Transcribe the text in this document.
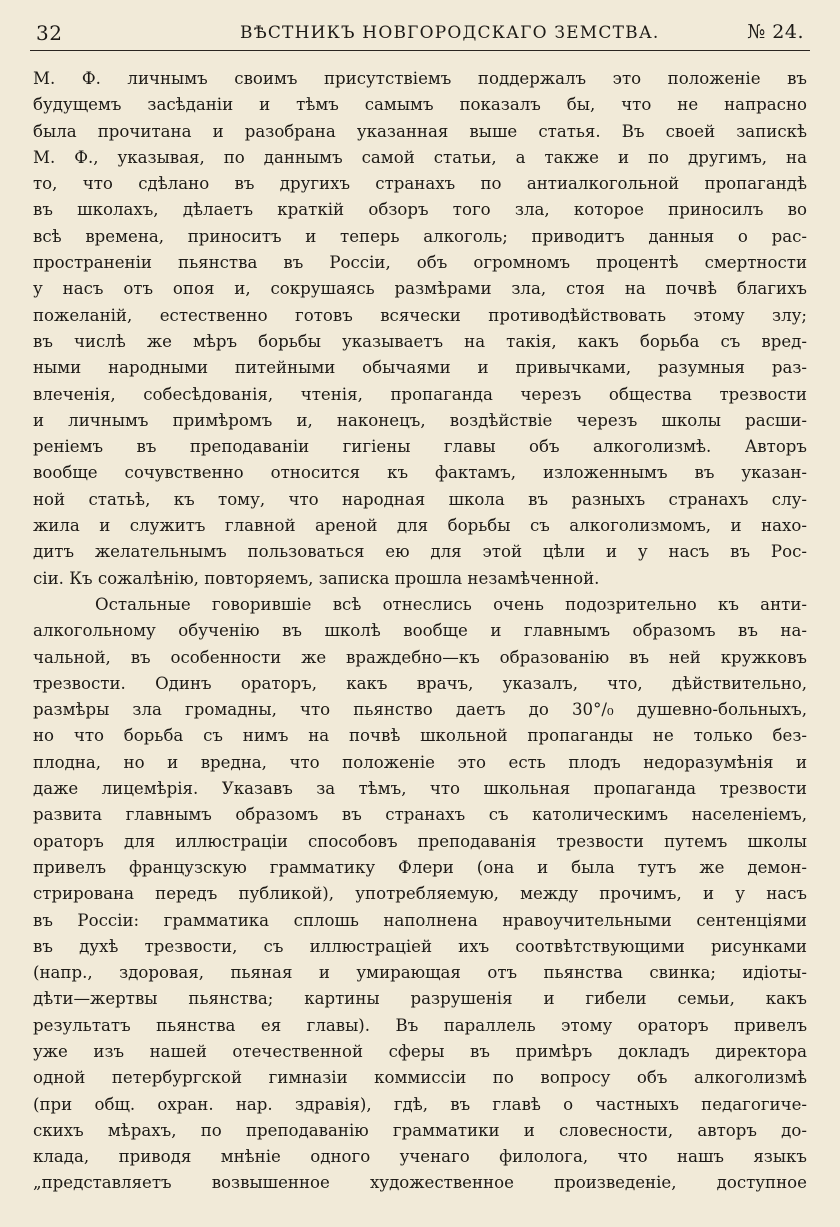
32	ВѢСТНИКЪ НОВГОРОДСКАГО ЗЕМСТВА.	№ 24.
М. Ф. личнымъ своимъ присутствіемъ поддержалъ это положеніе въ
будущемъ засѣданіи и тѣмъ самымъ показалъ бы, что не напрасно
была прочитана и разобрана указанная выше статья. Въ своей запискѣ
М. Ф., указывая, по даннымъ самой статьи, а также и по другимъ, на
то, что сдѣлано въ другихъ странахъ по антиалкогольной пропагандѣ
въ школахъ, дѣлаетъ краткій обзоръ того зла, которое приносилъ во
всѣ времена, приноситъ и теперь алкоголь; приводитъ данныя о рас-
пространеніи пьянства въ Россіи, объ огромномъ процентѣ смертности
у насъ отъ опоя и, сокрушаясь размѣрами зла, стоя на почвѣ благихъ
пожеланій, естественно готовъ всячески противодѣйствовать этому злу;
въ числѣ же мѣръ борьбы указываетъ на такія, какъ борьба съ вред-
ными народными питейными обычаями и привычками, разумныя раз-
влеченія, собесѣдованія, чтенія, пропаганда черезъ общества трезвости
и личнымъ примѣромъ и, наконецъ, воздѣйствіе черезъ школы расши-
реніемъ въ преподаваніи гигіены главы объ алкоголизмѣ. Авторъ
вообще сочувственно относится къ фактамъ, изложеннымъ въ указан-
ной статьѣ, къ тому, что народная школа въ разныхъ странахъ слу-
жила и служитъ главной ареной для борьбы съ алкоголизмомъ, и нахо-
дитъ желательнымъ пользоваться ею для этой цѣли и у насъ въ Рос-
сіи. Къ сожалѣнію, повторяемъ, записка прошла незамѣченной.
Остальные говорившіе всѣ отнеслись очень подозрительно къ анти-
алкогольному обученію въ школѣ вообще и главнымъ образомъ въ на-
чальной, въ особенности же враждебно—къ образованію въ ней кружковъ
трезвости. Одинъ ораторъ, какъ врачъ, указалъ, что, дѣйствительно,
размѣры зла громадны, что пьянство даетъ до 30°/₀ душевно-больныхъ,
но что борьба съ нимъ на почвѣ школьной пропаганды не только без-
плодна, но и вредна, что положеніе это есть плодъ недоразумѣнія и
даже лицемѣрія. Указавъ за тѣмъ, что школьная пропаганда трезвости
развита главнымъ образомъ въ странахъ съ католическимъ населеніемъ,
ораторъ для иллюстраціи способовъ преподаванія трезвости путемъ школы
привелъ французскую грамматику Флери (она и была тутъ же демон-
стрирована передъ публикой), употребляемую, между прочимъ, и у насъ
въ Россіи: грамматика сплошь наполнена нравоучительными сентенціями
въ духѣ трезвости, съ иллюстраціей ихъ соотвѣтствующими рисунками
(напр., здоровая, пьяная и умирающая отъ пьянства свинка; идіоты-
дѣти—жертвы пьянства; картины разрушенія и гибели семьи, какъ
результатъ пьянства ея главы). Въ параллель этому ораторъ привелъ
уже изъ нашей отечественной сферы въ примѣръ докладъ директора
одной петербургской гимназіи коммиссіи по вопросу объ алкоголизмѣ
(при общ. охран. нар. здравія), гдѣ, въ главѣ о частныхъ педагогиче-
скихъ мѣрахъ, по преподаванію грамматики и словесности, авторъ до-
клада, приводя мнѣніе одного ученаго филолога, что нашъ языкъ
„представляетъ возвышенное художественное произведеніе, доступное
